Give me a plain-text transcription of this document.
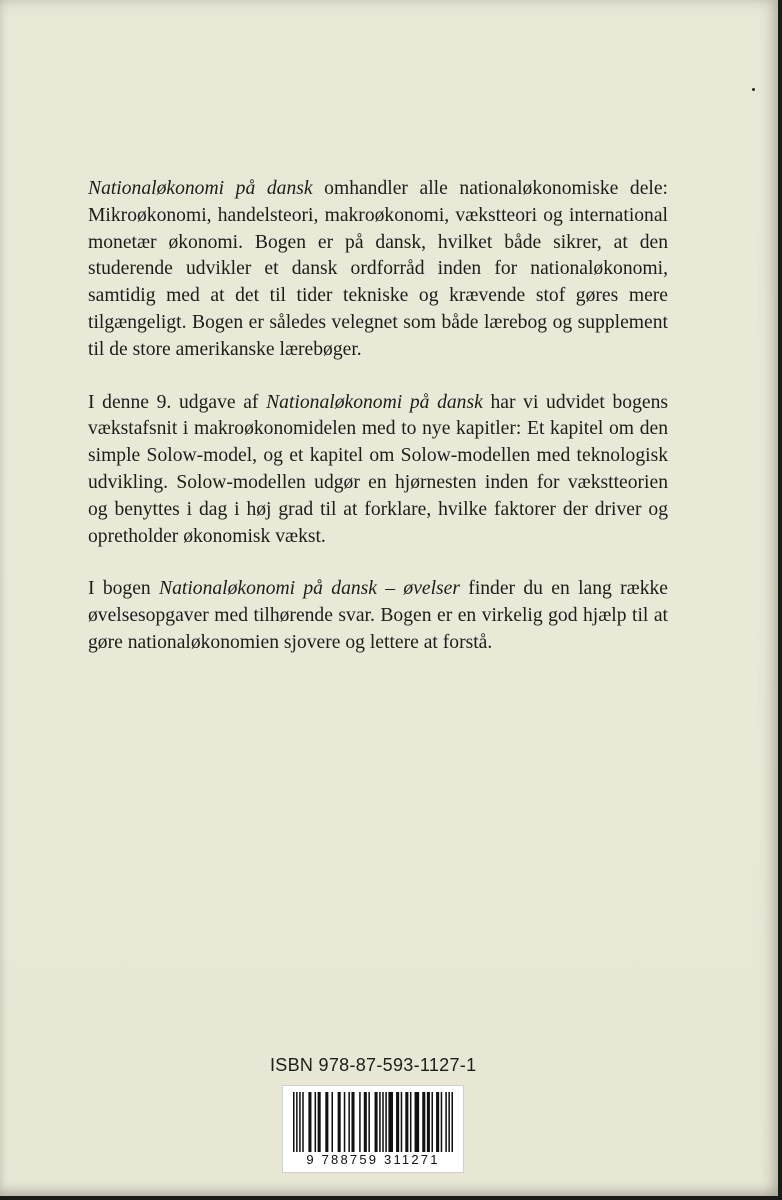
Nationaløkonomi på dansk omhandler alle nationaløkonomiske dele: Mikroøkonomi, handelsteori, makroøkonomi, vækstteori og international monetær økonomi. Bogen er på dansk, hvilket både sikrer, at den studerende udvikler et dansk ordforråd inden for nationaløkonomi, samtidig med at det til tider tekniske og krævende stof gøres mere tilgængeligt. Bogen er således velegnet som både lærebog og supplement til de store amerikanske lærebøger.

I denne 9. udgave af Nationaløkonomi på dansk har vi udvidet bogens vækstafsnit i makroøkonomidelen med to nye kapitler: Et kapitel om den simple Solow-model, og et kapitel om Solow-modellen med teknologisk udvikling. Solow-modellen udgør en hjørnesten inden for vækstteorien og benyttes i dag i høj grad til at forklare, hvilke faktorer der driver og opretholder økonomisk vækst.

I bogen Nationaløkonomi på dansk – øvelser finder du en lang række øvelsesopgaver med tilhørende svar. Bogen er en virkelig god hjælp til at gøre nationaløkonomien sjovere og lettere at forstå.

ISBN 978-87-593-1127-1
9 788759 311271
